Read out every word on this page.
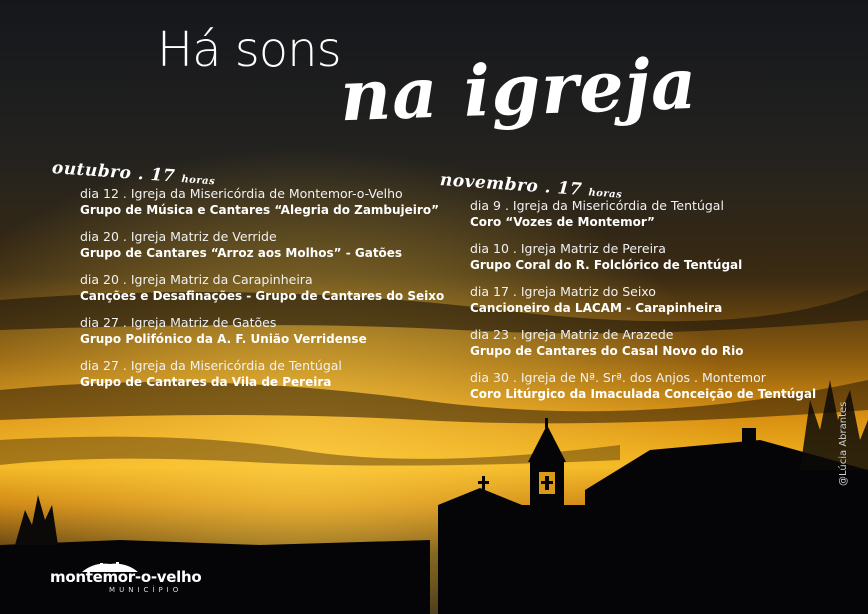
Há sons
na igreja
outubro . 17 horas
dia 12 . Igreja da Misericórdia de Montemor-o-Velho
Grupo de Música e Cantares “Alegria do Zambujeiro”
dia 20 . Igreja Matriz de Verride
Grupo de Cantares “Arroz aos Molhos” - Gatões
dia 20 . Igreja Matriz da Carapinheira
Canções e Desafinações - Grupo de Cantares do Seixo
dia 27 . Igreja Matriz de Gatões
Grupo Polifónico da A. F. União Verridense
dia 27 . Igreja da Misericórdia de Tentúgal
Grupo de Cantares da Vila de Pereira
novembro . 17 horas
dia 9 . Igreja da Misericórdia de Tentúgal
Coro “Vozes de Montemor”
dia 10 . Igreja Matriz de Pereira
Grupo Coral do R. Folclórico de Tentúgal
dia 17 . Igreja Matriz do Seixo
Cancioneiro da LACAM - Carapinheira
dia 23 . Igreja Matriz de Arazede
Grupo de Cantares do Casal Novo do Rio
dia 30 . Igreja de Nª. Srª. dos Anjos . Montemor
Coro Litúrgico da Imaculada Conceição de Tentúgal
@Lúcia Abrantes
montemor-o-velho
MUNICÍPIO
